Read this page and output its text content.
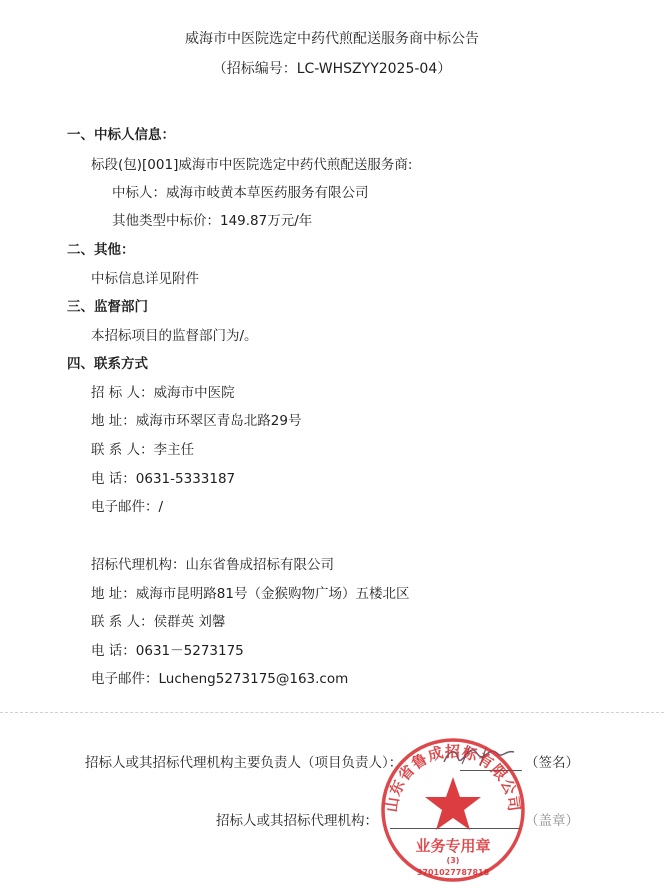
威海市中医院选定中药代煎配送服务商中标公告
（招标编号：LC-WHSZYY2025-04）
一、中标人信息：
标段(包)[001]威海市中医院选定中药代煎配送服务商:
中标人：威海市岐黄本草医药服务有限公司
其他类型中标价：149.87万元/年
二、其他：
中标信息详见附件
三、监督部门
本招标项目的监督部门为/。
四、联系方式
招 标 人：威海市中医院
地 址：威海市环翠区青岛北路29号
联 系 人：李主任
电 话：0631-5333187
电子邮件：/
招标代理机构：山东省鲁成招标有限公司
地 址：威海市昆明路81号（金猴购物广场）五楼北区
联 系 人：侯群英 刘馨
电 话：0631－5273175
电子邮件：Lucheng5273175@163.com
招标人或其招标代理机构主要负责人（项目负责人）：	（签名）
招标人或其招标代理机构：	（盖章）
山东省鲁成招标有限公司
业务专用章
(3)
3701027787818
